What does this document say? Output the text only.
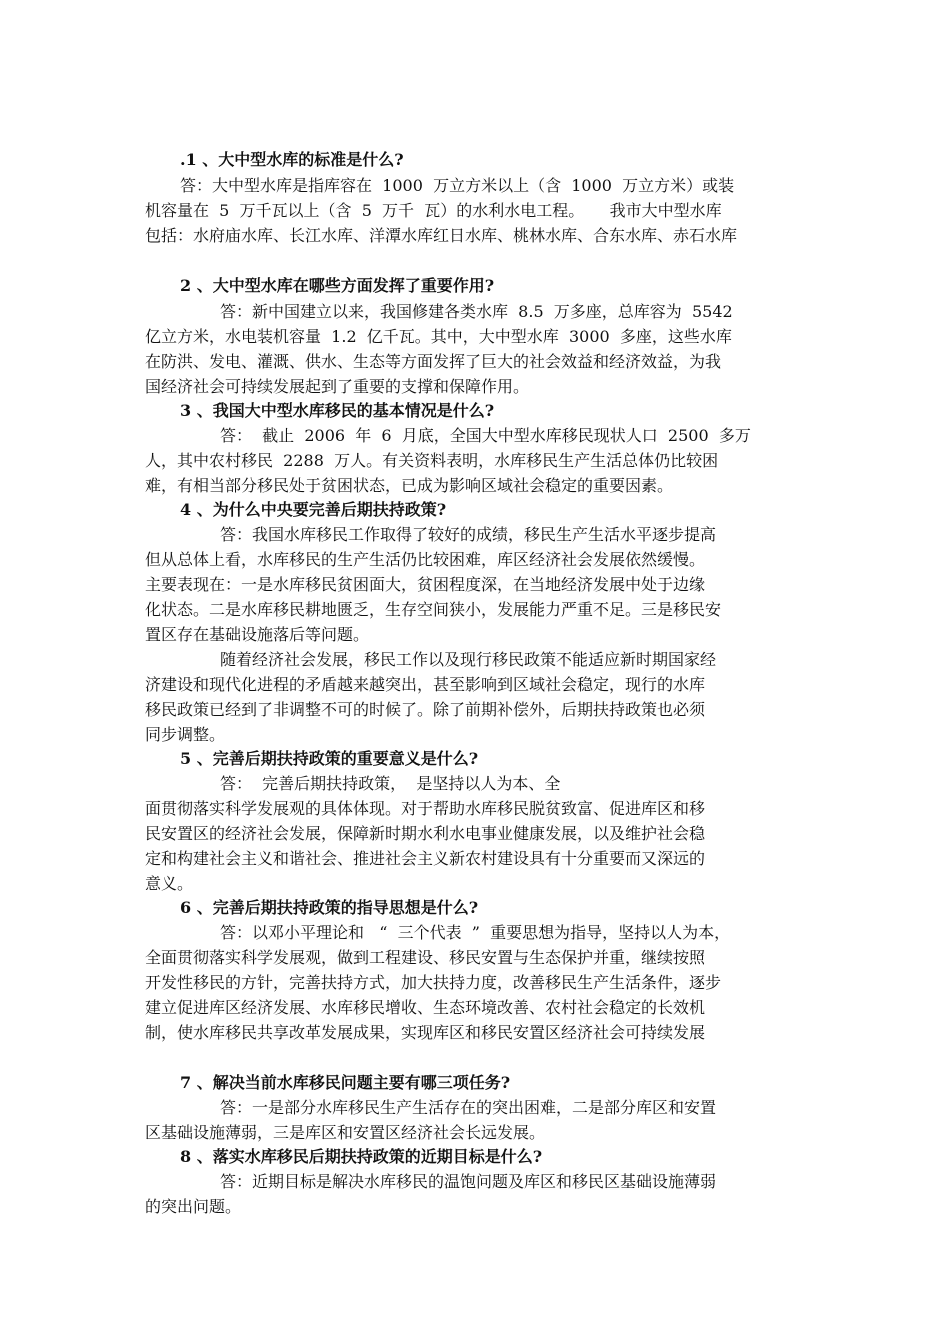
.1 、大中型水库的标准是什么?
答：大中型水库是指库容在  1000  万立方米以上（含  1000  万立方米）或装
机容量在  5  万千瓦以上（含  5  万千  瓦）的水利水电工程。     我市大中型水库
包括：水府庙水库、长江水库、洋潭水库红日水库、桃林水库、合东水库、赤石水库
2 、大中型水库在哪些方面发挥了重要作用?
答：新中国建立以来，我国修建各类水库  8.5  万多座，总库容为  5542
亿立方米，水电装机容量  1.2  亿千瓦。其中，大中型水库  3000  多座，这些水库
在防洪、发电、灌溉、供水、生态等方面发挥了巨大的社会效益和经济效益，为我
国经济社会可持续发展起到了重要的支撑和保障作用。
3 、我国大中型水库移民的基本情况是什么?
答：  截止  2006  年  6  月底，全国大中型水库移民现状人口  2500  多万
人，其中农村移民  2288  万人。有关资料表明，水库移民生产生活总体仍比较困
难，有相当部分移民处于贫困状态，已成为影响区域社会稳定的重要因素。
4 、为什么中央要完善后期扶持政策?
答：我国水库移民工作取得了较好的成绩，移民生产生活水平逐步提高
但从总体上看，水库移民的生产生活仍比较困难，库区经济社会发展依然缓慢。
主要表现在：一是水库移民贫困面大，贫困程度深，在当地经济发展中处于边缘
化状态。二是水库移民耕地匮乏，生存空间狭小，发展能力严重不足。三是移民安
置区存在基础设施落后等问题。
随着经济社会发展，移民工作以及现行移民政策不能适应新时期国家经
济建设和现代化进程的矛盾越来越突出，甚至影响到区域社会稳定，现行的水库
移民政策已经到了非调整不可的时候了。除了前期补偿外，后期扶持政策也必须
同步调整。
5 、完善后期扶持政策的重要意义是什么?
答：  完善后期扶持政策，  是坚持以人为本、全
面贯彻落实科学发展观的具体体现。对于帮助水库移民脱贫致富、促进库区和移
民安置区的经济社会发展，保障新时期水利水电事业健康发展，以及维护社会稳
定和构建社会主义和谐社会、推进社会主义新农村建设具有十分重要而又深远的
意义。
6 、完善后期扶持政策的指导思想是什么?
答：以邓小平理论和   “  三个代表  ”  重要思想为指导，坚持以人为本，
全面贯彻落实科学发展观，做到工程建设、移民安置与生态保护并重，继续按照
开发性移民的方针，完善扶持方式，加大扶持力度，改善移民生产生活条件，逐步
建立促进库区经济发展、水库移民增收、生态环境改善、农村社会稳定的长效机
制，使水库移民共享改革发展成果，实现库区和移民安置区经济社会可持续发展
7 、解决当前水库移民问题主要有哪三项任务?
答：一是部分水库移民生产生活存在的突出困难，二是部分库区和安置
区基础设施薄弱，三是库区和安置区经济社会长远发展。
8 、落实水库移民后期扶持政策的近期目标是什么?
答：近期目标是解决水库移民的温饱问题及库区和移民区基础设施薄弱
的突出问题。
